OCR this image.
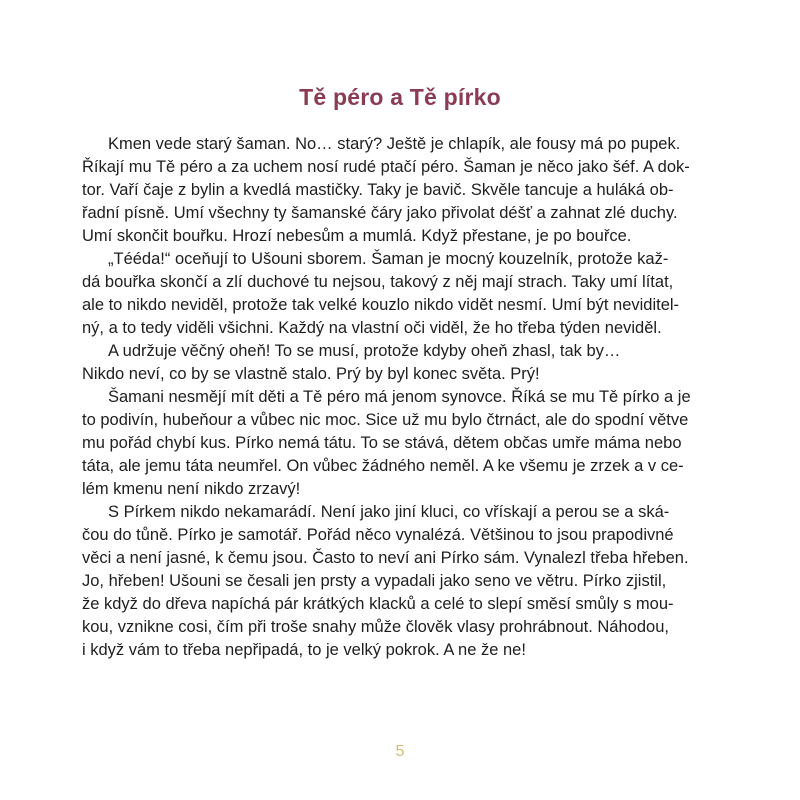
Tě péro a Tě pírko
Kmen vede starý šaman. No… starý? Ještě je chlapík, ale fousy má po pupek.
Říkají mu Tě péro a za uchem nosí rudé ptačí péro. Šaman je něco jako šéf. A dok-
tor. Vaří čaje z bylin a kvedlá mastičky. Taky je bavič. Skvěle tancuje a huláká ob-
řadní písně. Umí všechny ty šamanské čáry jako přivolat déšť a zahnat zlé duchy.
Umí skončit bouřku. Hrozí nebesům a mumlá. Když přestane, je po bouřce.
„Tééda!“ oceňují to Ušouni sborem. Šaman je mocný kouzelník, protože kaž-
dá bouřka skončí a zlí duchové tu nejsou, takový z něj mají strach. Taky umí lítat,
ale to nikdo neviděl, protože tak velké kouzlo nikdo vidět nesmí. Umí být neviditel-
ný, a to tedy viděli všichni. Každý na vlastní oči viděl, že ho třeba týden neviděl.
A udržuje věčný oheň! To se musí, protože kdyby oheň zhasl, tak by…
Nikdo neví, co by se vlastně stalo. Prý by byl konec světa. Prý!
Šamani nesmějí mít děti a Tě péro má jenom synovce. Říká se mu Tě pírko a je
to podivín, hubeňour a vůbec nic moc. Sice už mu bylo čtrnáct, ale do spodní větve
mu pořád chybí kus. Pírko nemá tátu. To se stává, dětem občas umře máma nebo
táta, ale jemu táta neumřel. On vůbec žádného neměl. A ke všemu je zrzek a v ce-
lém kmenu není nikdo zrzavý!
S Pírkem nikdo nekamarádí. Není jako jiní kluci, co vřískají a perou se a ská-
čou do tůně. Pírko je samotář. Pořád něco vynalézá. Většinou to jsou prapodivné
věci a není jasné, k čemu jsou. Často to neví ani Pírko sám. Vynalezl třeba hřeben.
Jo, hřeben! Ušouni se česali jen prsty a vypadali jako seno ve větru. Pírko zjistil,
že když do dřeva napíchá pár krátkých klacků a celé to slepí směsí smůly s mou-
kou, vznikne cosi, čím při troše snahy může člověk vlasy prohrábnout. Náhodou,
i když vám to třeba nepřipadá, to je velký pokrok. A ne že ne!
5
